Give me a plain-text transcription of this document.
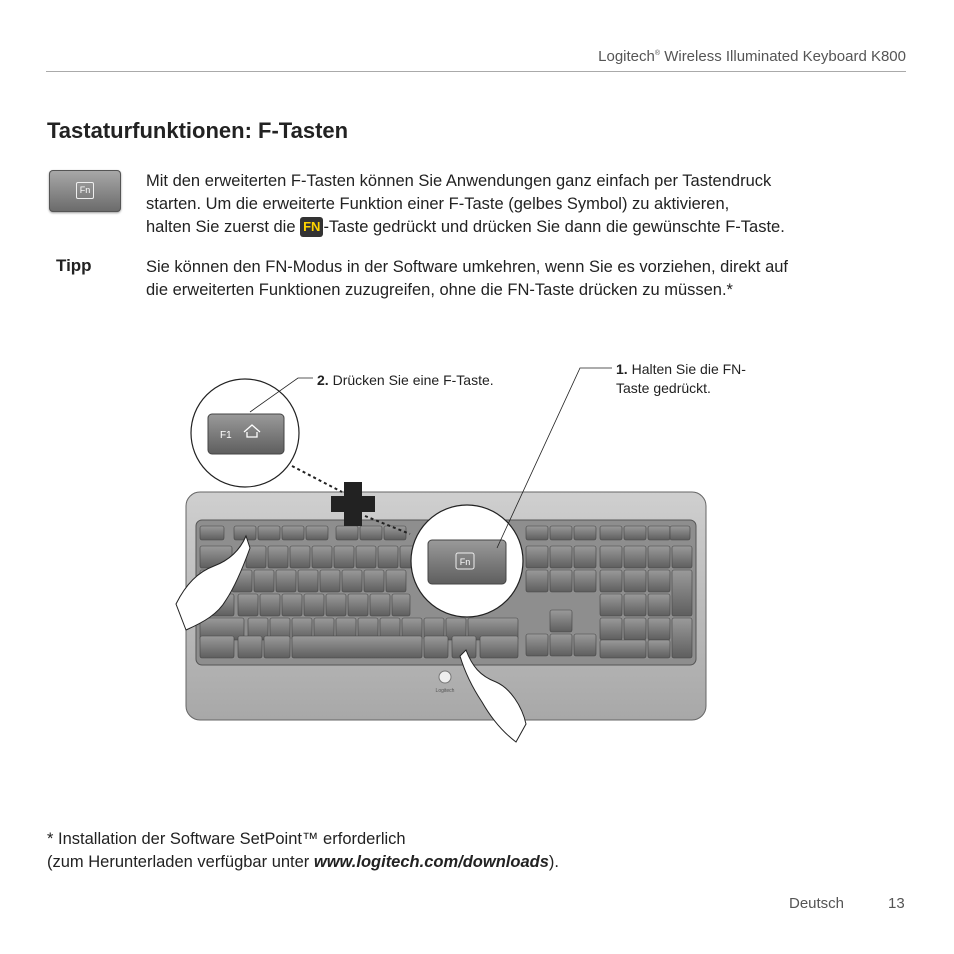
Logitech® Wireless Illuminated Keyboard K800
Tastaturfunktionen: F-Tasten
Fn	Mit den erweiterten F-Tasten können Sie Anwendungen ganz einfach per Tastendruck
starten. Um die erweiterte Funktion einer F-Taste (gelbes Symbol) zu aktivieren,
halten Sie zuerst die FN -Taste gedrückt und drücken Sie dann die gewünschte F-Taste.
Tipp	Sie können den FN-Modus in der Software umkehren, wenn Sie es vorziehen, direkt auf
die erweiterten Funktionen zuzugreifen, ohne die FN-Taste drücken zu müssen.*
Logitech
F1
Fn
1. Halten Sie die FN-
Taste gedrückt.
2. Drücken Sie eine F-Taste.
* Installation der Software SetPoint™ erforderlich
(zum Herunterladen verfügbar unter www.logitech.com/downloads).
Deutsch	13
